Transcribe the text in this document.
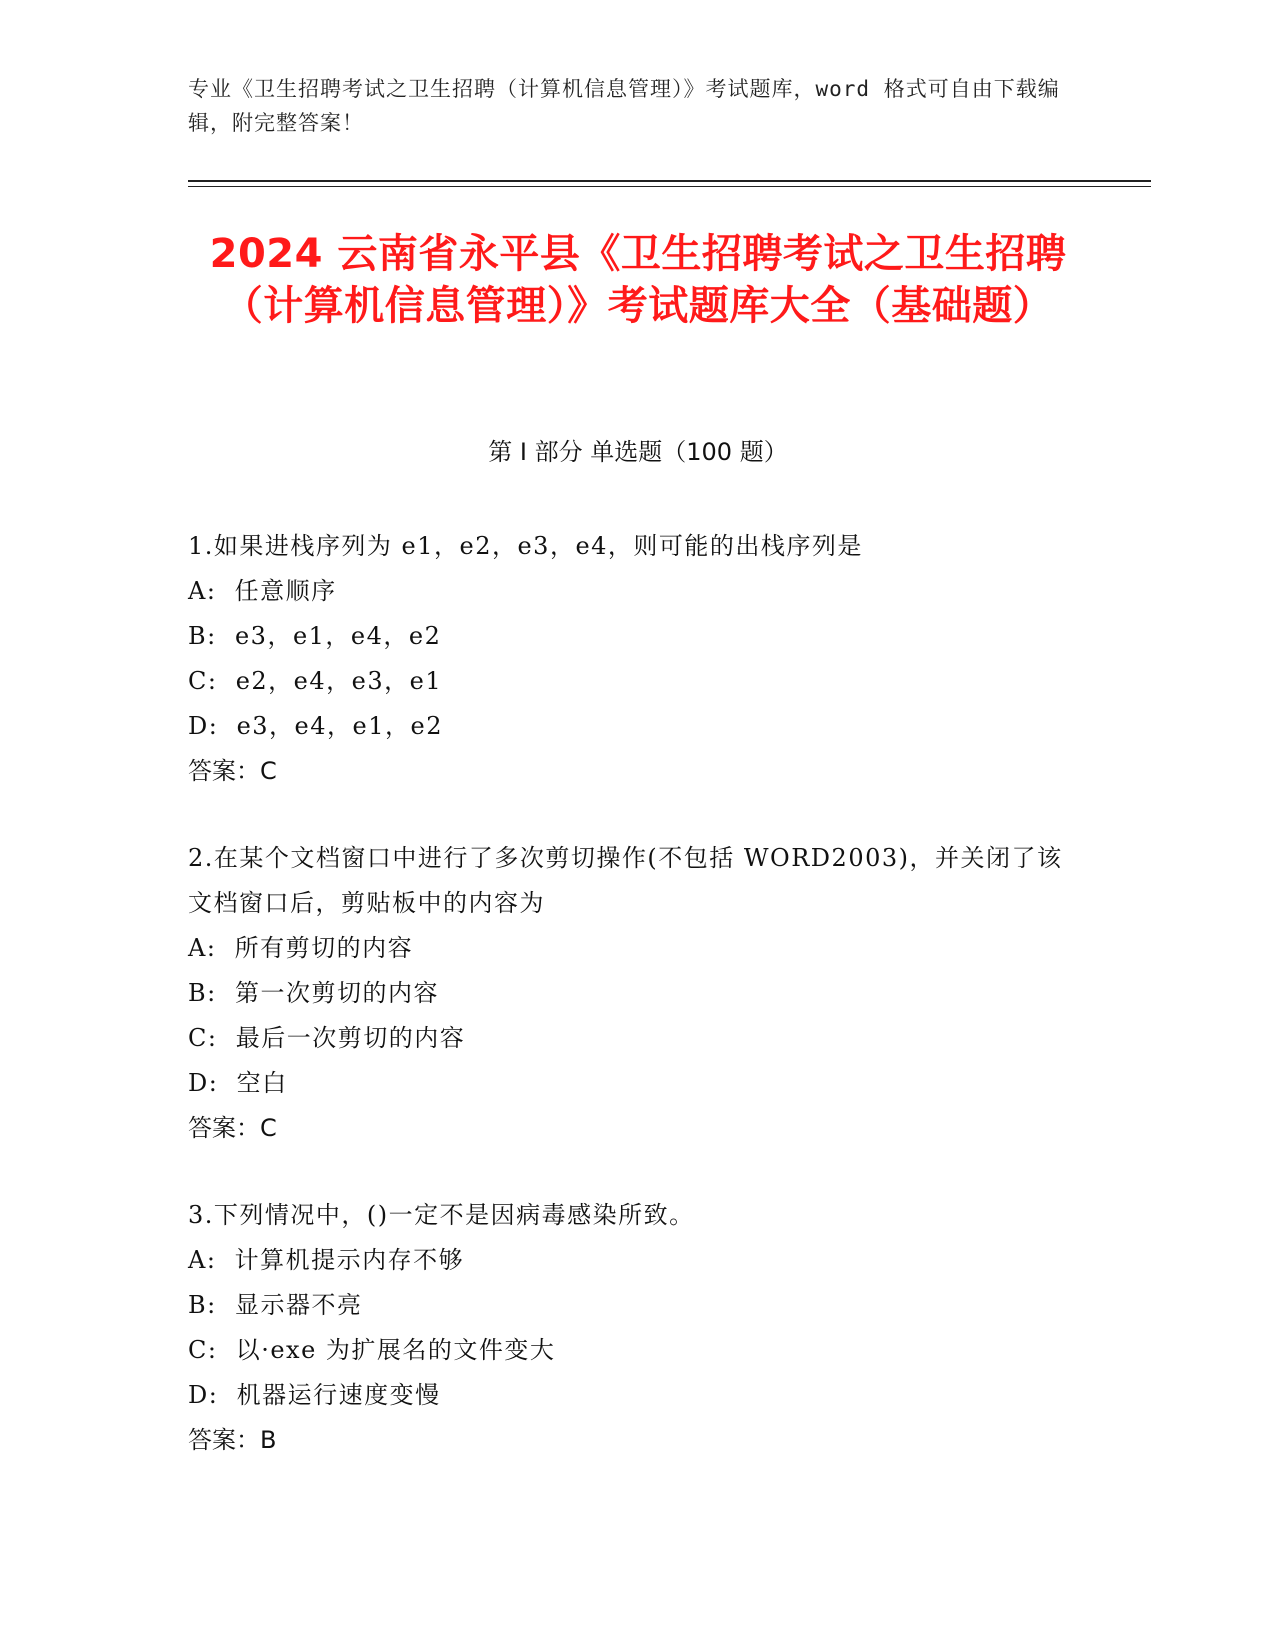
专业《卫生招聘考试之卫生招聘（计算机信息管理）》考试题库，word 格式可自由下载编辑，附完整答案！
2024 云南省永平县《卫生招聘考试之卫生招聘（计算机信息管理）》考试题库大全（基础题）
第 I 部分 单选题（100 题）
1.如果进栈序列为 e1，e2，e3，e4，则可能的出栈序列是
A:  任意顺序
B:  e3，e1，e4，e2
C:  e2，e4，e3，e1
D:  e3，e4，e1，e2
答案：C
2.在某个文档窗口中进行了多次剪切操作(不包括 WORD2003)，并关闭了该文档窗口后，剪贴板中的内容为
A:  所有剪切的内容
B:  第一次剪切的内容
C:  最后一次剪切的内容
D:  空白
答案：C
3.下列情况中，()一定不是因病毒感染所致。
A:  计算机提示内存不够
B:  显示器不亮
C:  以·exe 为扩展名的文件变大
D:  机器运行速度变慢
答案：B
